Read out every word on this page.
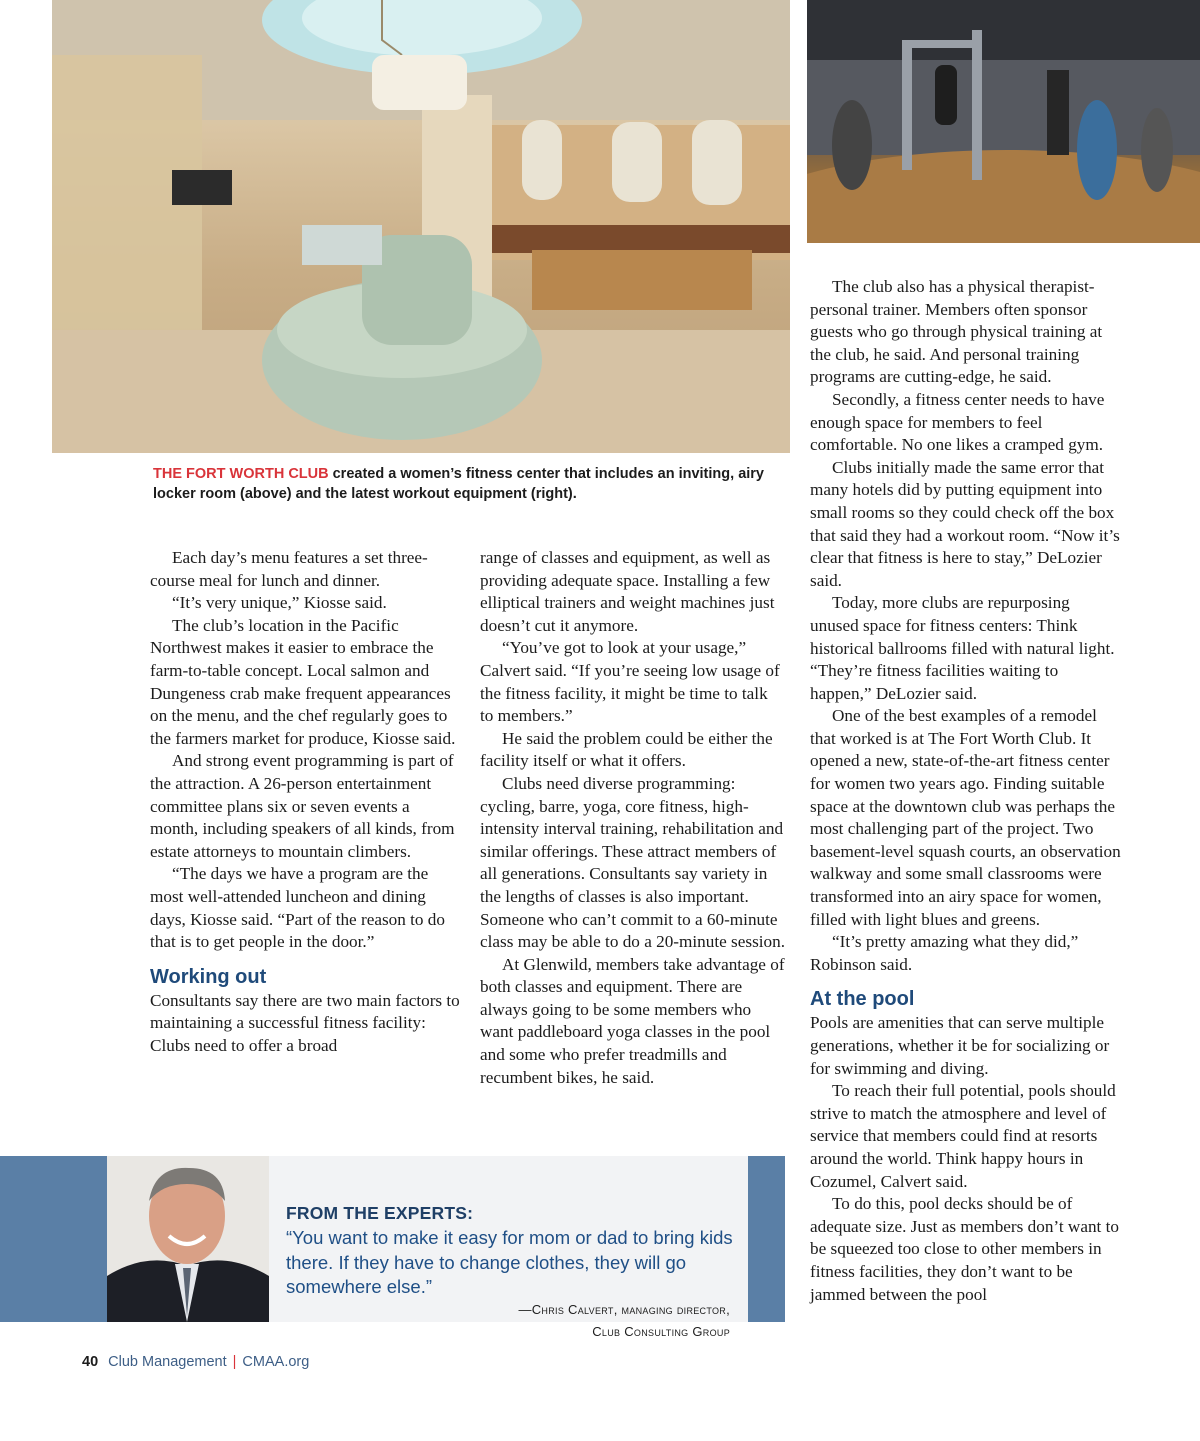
THE FORT WORTH CLUB created a women’s fitness center that includes an inviting, airy locker room (above) and the latest workout equipment (right).

Each day’s menu features a set three-course meal for lunch and dinner.

“It’s very unique,” Kiosse said.

The club’s location in the Pacific Northwest makes it easier to embrace the farm-to-table concept. Local salmon and Dungeness crab make frequent appearances on the menu, and the chef regularly goes to the farmers market for produce, Kiosse said.

And strong event programming is part of the attraction. A 26-person entertainment committee plans six or seven events a month, including speakers of all kinds, from estate attorneys to mountain climbers.

“The days we have a program are the most well-attended luncheon and dining days, Kiosse said. “Part of the reason to do that is to get people in the door.”

Working out

Consultants say there are two main factors to maintaining a successful fitness facility: Clubs need to offer a broad

range of classes and equipment, as well as providing adequate space. Installing a few elliptical trainers and weight machines just doesn’t cut it anymore.

“You’ve got to look at your usage,” Calvert said. “If you’re seeing low usage of the fitness facility, it might be time to talk to members.”

He said the problem could be either the facility itself or what it offers.

Clubs need diverse programming: cycling, barre, yoga, core fitness, high-intensity interval training, rehabilitation and similar offerings. These attract members of all generations. Consultants say variety in the lengths of classes is also important. Someone who can’t commit to a 60-minute class may be able to do a 20-minute session.

At Glenwild, members take advantage of both classes and equipment. There are always going to be some members who want paddleboard yoga classes in the pool and some who prefer treadmills and recumbent bikes, he said.

The club also has a physical therapist-personal trainer. Members often sponsor guests who go through physical training at the club, he said. And personal training programs are cutting-edge, he said.

Secondly, a fitness center needs to have enough space for members to feel comfortable. No one likes a cramped gym.

Clubs initially made the same error that many hotels did by putting equipment into small rooms so they could check off the box that said they had a workout room. “Now it’s clear that fitness is here to stay,” DeLozier said.

Today, more clubs are repurposing unused space for fitness centers: Think historical ballrooms filled with natural light. “They’re fitness facilities waiting to happen,” DeLozier said.

One of the best examples of a remodel that worked is at The Fort Worth Club. It opened a new, state-of-the-art fitness center for women two years ago. Finding suitable space at the downtown club was perhaps the most challenging part of the project. Two basement-level squash courts, an observation walkway and some small classrooms were transformed into an airy space for women, filled with light blues and greens.

“It’s pretty amazing what they did,” Robinson said.

At the pool

Pools are amenities that can serve multiple generations, whether it be for socializing or for swimming and diving.

To reach their full potential, pools should strive to match the atmosphere and level of service that members could find at resorts around the world. Think happy hours in Cozumel, Calvert said.

To do this, pool decks should be of adequate size. Just as members don’t want to be squeezed too close to other members in fitness facilities, they don’t want to be jammed between the pool

FROM THE EXPERTS:
“You want to make it easy for mom or dad to bring kids there. If they have to change clothes, they will go somewhere else.”
—Chris Calvert, managing director,
Club Consulting Group
40 Club Management | CMAA.org
